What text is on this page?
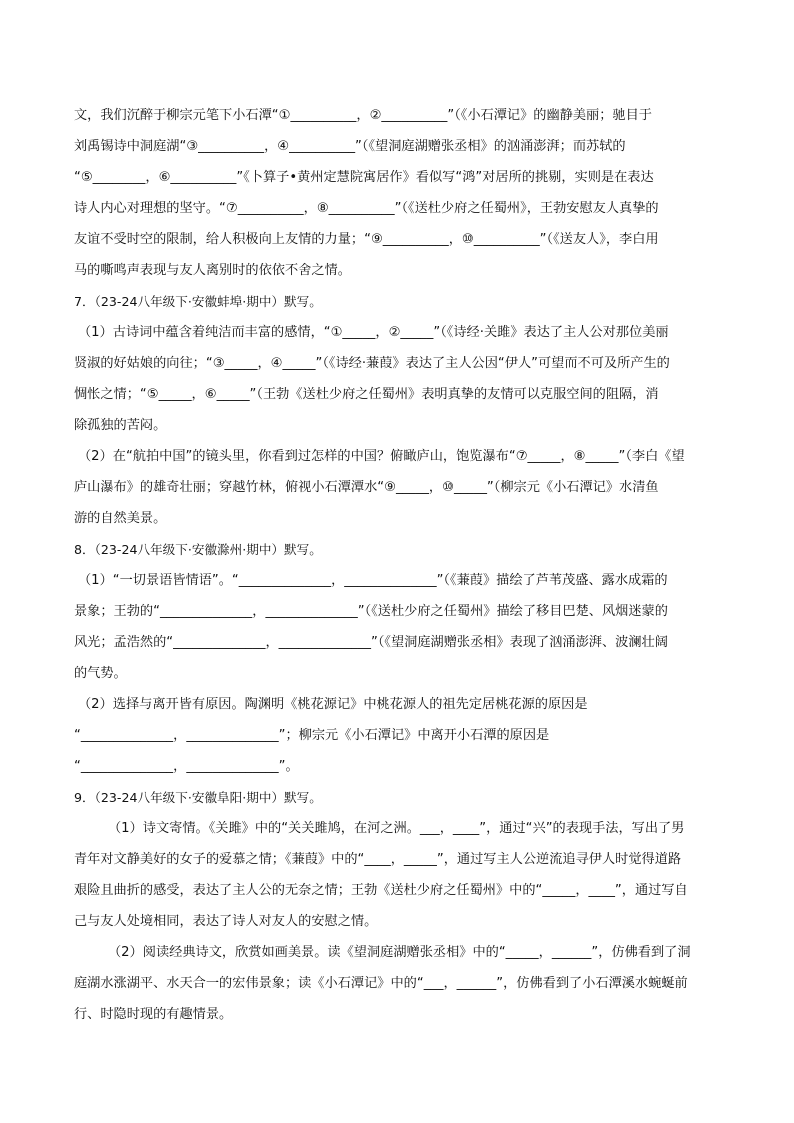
文，我们沉醉于柳宗元笔下小石潭“①__________，②__________”（《小石潭记》的幽静美丽；驰目于
刘禹锡诗中洞庭湖“③__________，④__________”（《望洞庭湖赠张丞相》的汹涌澎湃；而苏轼的
“⑤________，⑥__________”《卜算子•黄州定慧院寓居作》看似写“鸿”对居所的挑剔，实则是在表达
诗人内心对理想的坚守。“⑦__________，⑧__________”（《送杜少府之任蜀州》，王勃安慰友人真挚的
友谊不受时空的限制，给人积极向上友情的力量；“⑨__________，⑩__________”（《送友人》，李白用
马的嘶鸣声表现与友人离别时的依依不舍之情。
7．（23-24八年级下·安徽蚌埠·期中）默写。
（1）古诗词中蕴含着纯洁而丰富的感情，“①_____，②_____”（《诗经·关雎》表达了主人公对那位美丽
贤淑的好姑娘的向往；“③_____，④_____”（《诗经·蒹葭》表达了主人公因“伊人”可望而不可及所产生的
惆怅之情；“⑤_____，⑥_____”（王勃《送杜少府之任蜀州》表明真挚的友情可以克服空间的阻隔，消
除孤独的苦闷。
（2）在“航拍中国”的镜头里，你看到过怎样的中国？俯瞰庐山，饱览瀑布“⑦_____，⑧_____”（李白《望
庐山瀑布》的雄奇壮丽；穿越竹林，俯视小石潭潭水“⑨_____，⑩_____”（柳宗元《小石潭记》水清鱼
游的自然美景。
8．（23-24八年级下·安徽滁州·期中）默写。
（1）“一切景语皆情语”。“______________，______________”（《蒹葭》描绘了芦苇茂盛、露水成霜的
景象；王勃的“______________，______________”（《送杜少府之任蜀州》描绘了移目巴楚、风烟迷蒙的
风光；孟浩然的“______________，______________”（《望洞庭湖赠张丞相》表现了汹涌澎湃、波澜壮阔
的气势。
（2）选择与离开皆有原因。陶渊明《桃花源记》中桃花源人的祖先定居桃花源的原因是
“______________，______________”；柳宗元《小石潭记》中离开小石潭的原因是
“______________，______________”。
9．（23-24八年级下·安徽阜阳·期中）默写。
（1）诗文寄情。《关雎》中的“关关雎鸠，在河之洲。___，____”，通过“兴”的表现手法，写出了男
青年对文静美好的女子的爱慕之情；《蒹葭》中的“____，_____”，通过写主人公逆流追寻伊人时觉得道路
艰险且曲折的感受，表达了主人公的无奈之情；王勃《送杜少府之任蜀州》中的“_____，____”，通过写自
己与友人处境相同，表达了诗人对友人的安慰之情。
（2）阅读经典诗文，欣赏如画美景。读《望洞庭湖赠张丞相》中的“_____，______”，仿佛看到了洞
庭湖水涨湖平、水天合一的宏伟景象；读《小石潭记》中的“___，______”，仿佛看到了小石潭溪水蜿蜒前
行、时隐时现的有趣情景。
